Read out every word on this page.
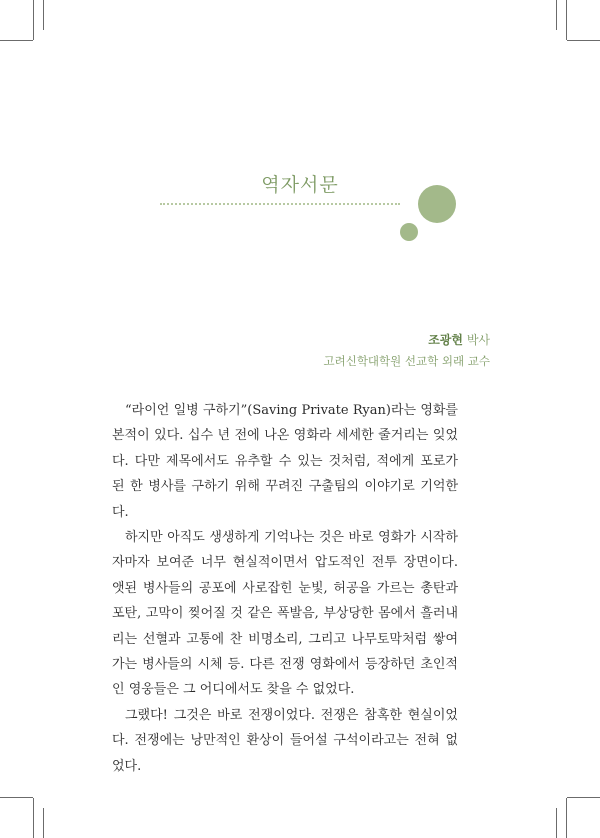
역자서문
조광현 박사
고려신학대학원 선교학 외래 교수

“라이언 일병 구하기”(Saving Private Ryan)라는 영화를 본적이 있다. 십수 년 전에 나온 영화라 세세한 줄거리는 잊었다. 다만 제목에서도 유추할 수 있는 것처럼, 적에게 포로가 된 한 병사를 구하기 위해 꾸려진 구출팀의 이야기로 기억한다.

하지만 아직도 생생하게 기억나는 것은 바로 영화가 시작하자마자 보여준 너무 현실적이면서 압도적인 전투 장면이다. 앳된 병사들의 공포에 사로잡힌 눈빛, 허공을 가르는 총탄과 포탄, 고막이 찢어질 것 같은 폭발음, 부상당한 몸에서 흘러내리는 선혈과 고통에 찬 비명소리, 그리고 나무토막처럼 쌓여가는 병사들의 시체 등. 다른 전쟁 영화에서 등장하던 초인적인 영웅들은 그 어디에서도 찾을 수 없었다.

그랬다! 그것은 바로 전쟁이었다. 전쟁은 참혹한 현실이었다. 전쟁에는 낭만적인 환상이 들어설 구석이라고는 전혀 없었다.
